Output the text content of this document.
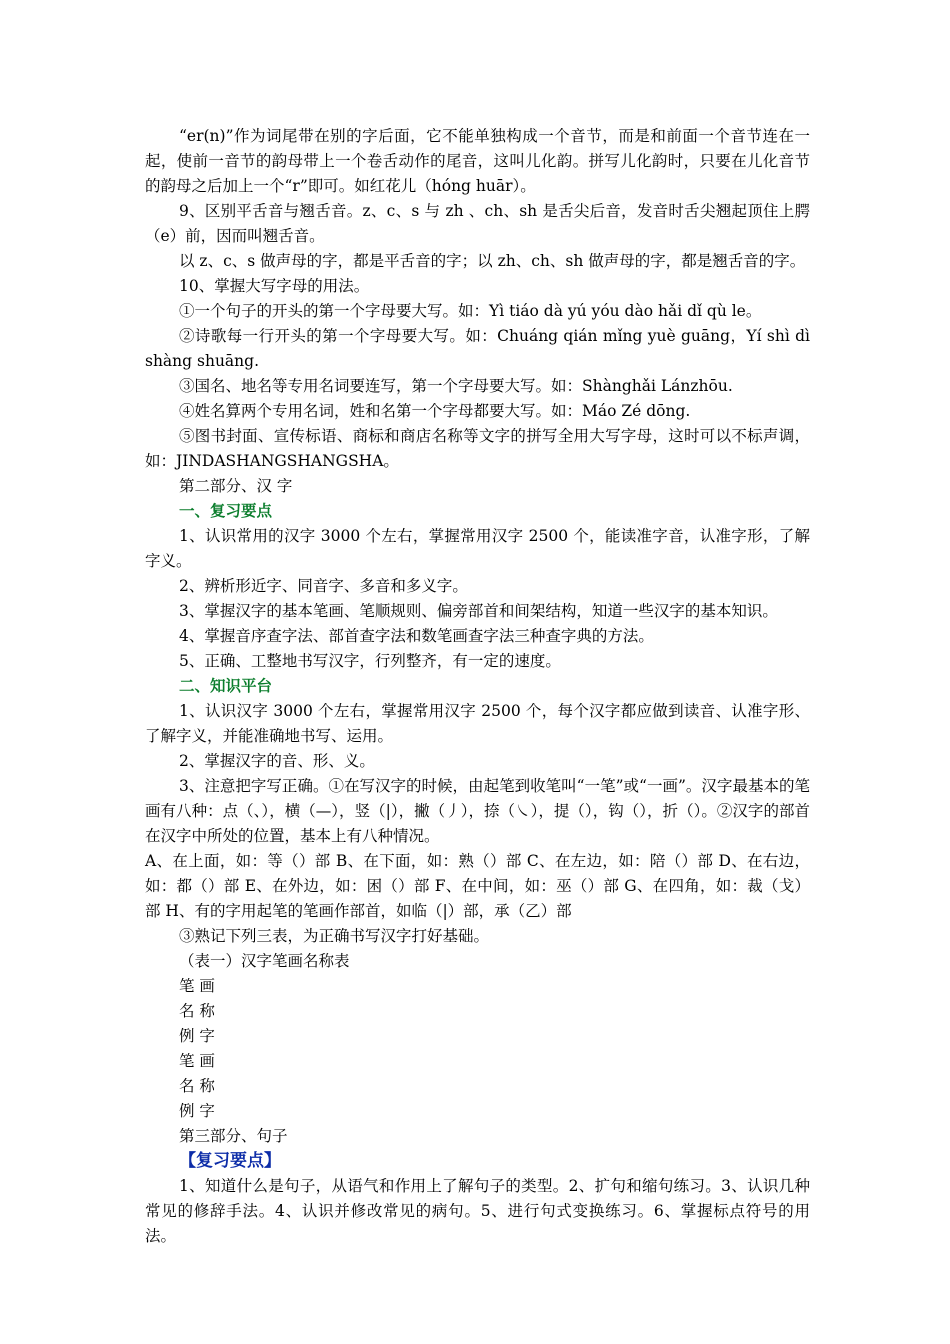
“er(n)”作为词尾带在别的字后面，它不能单独构成一个音节，而是和前面一个音节连在一起，使前一音节的韵母带上一个卷舌动作的尾音，这叫儿化韵。拼写儿化韵时，只要在儿化音节的韵母之后加上一个“r”即可。如红花儿（hóng huār）。

9、区别平舌音与翘舌音。z、c、s 与 zh 、ch、sh 是舌尖后音，发音时舌尖翘起顶住上腭（e）前，因而叫翘舌音。

以 z、c、s 做声母的字，都是平舌音的字；以 zh、ch、sh 做声母的字，都是翘舌音的字。

10、掌握大写字母的用法。

①一个句子的开头的第一个字母要大写。如：Yì tiáo dà yú yóu dào hǎi dǐ qù le。

②诗歌每一行开头的第一个字母要大写。如：Chuáng qián mǐng yuè guāng，Yí shì dì shàng shuāng.

③国名、地名等专用名词要连写，第一个字母要大写。如：Shànghǎi Lánzhōu.

④姓名算两个专用名词，姓和名第一个字母都要大写。如：Máo Zé dōng.

⑤图书封面、宣传标语、商标和商店名称等文字的拼写全用大写字母，这时可以不标声调，如：JINDASHANGSHANGSHA。

第二部分、汉 字

一、复习要点

1、认识常用的汉字 3000 个左右，掌握常用汉字 2500 个，能读准字音，认准字形，了解字义。

2、辨析形近字、同音字、多音和多义字。

3、掌握汉字的基本笔画、笔顺规则、偏旁部首和间架结构，知道一些汉字的基本知识。

4、掌握音序查字法、部首查字法和数笔画查字法三种查字典的方法。

5、正确、工整地书写汉字，行列整齐，有一定的速度。

二、知识平台

1、认识汉字 3000 个左右，掌握常用汉字 2500 个，每个汉字都应做到读音、认准字形、了解字义，并能准确地书写、运用。

2、掌握汉字的音、形、义。

3、注意把字写正确。①在写汉字的时候，由起笔到收笔叫“一笔”或“一画”。汉字最基本的笔画有八种：点（、），横（—），竖（|），撇（丿），捺（㇏），提（），钩（），折（）。②汉字的部首在汉字中所处的位置，基本上有八种情况。

A、在上面，如：等（）部 B、在下面，如：熟（）部 C、在左边，如：陪（）部 D、在右边，如：都（）部 E、在外边，如：困（）部 F、在中间，如：巫（）部 G、在四角，如：裁（戈）部 H、有的字用起笔的笔画作部首，如临（|）部，承（乙）部

③熟记下列三表，为正确书写汉字打好基础。

（表一）汉字笔画名称表

笔 画

名 称

例 字

笔 画

名 称

例 字

第三部分、句子

【复习要点】

1、知道什么是句子，从语气和作用上了解句子的类型。2、扩句和缩句练习。3、认识几种常见的修辞手法。4、认识并修改常见的病句。5、进行句式变换练习。6、掌握标点符号的用法。
